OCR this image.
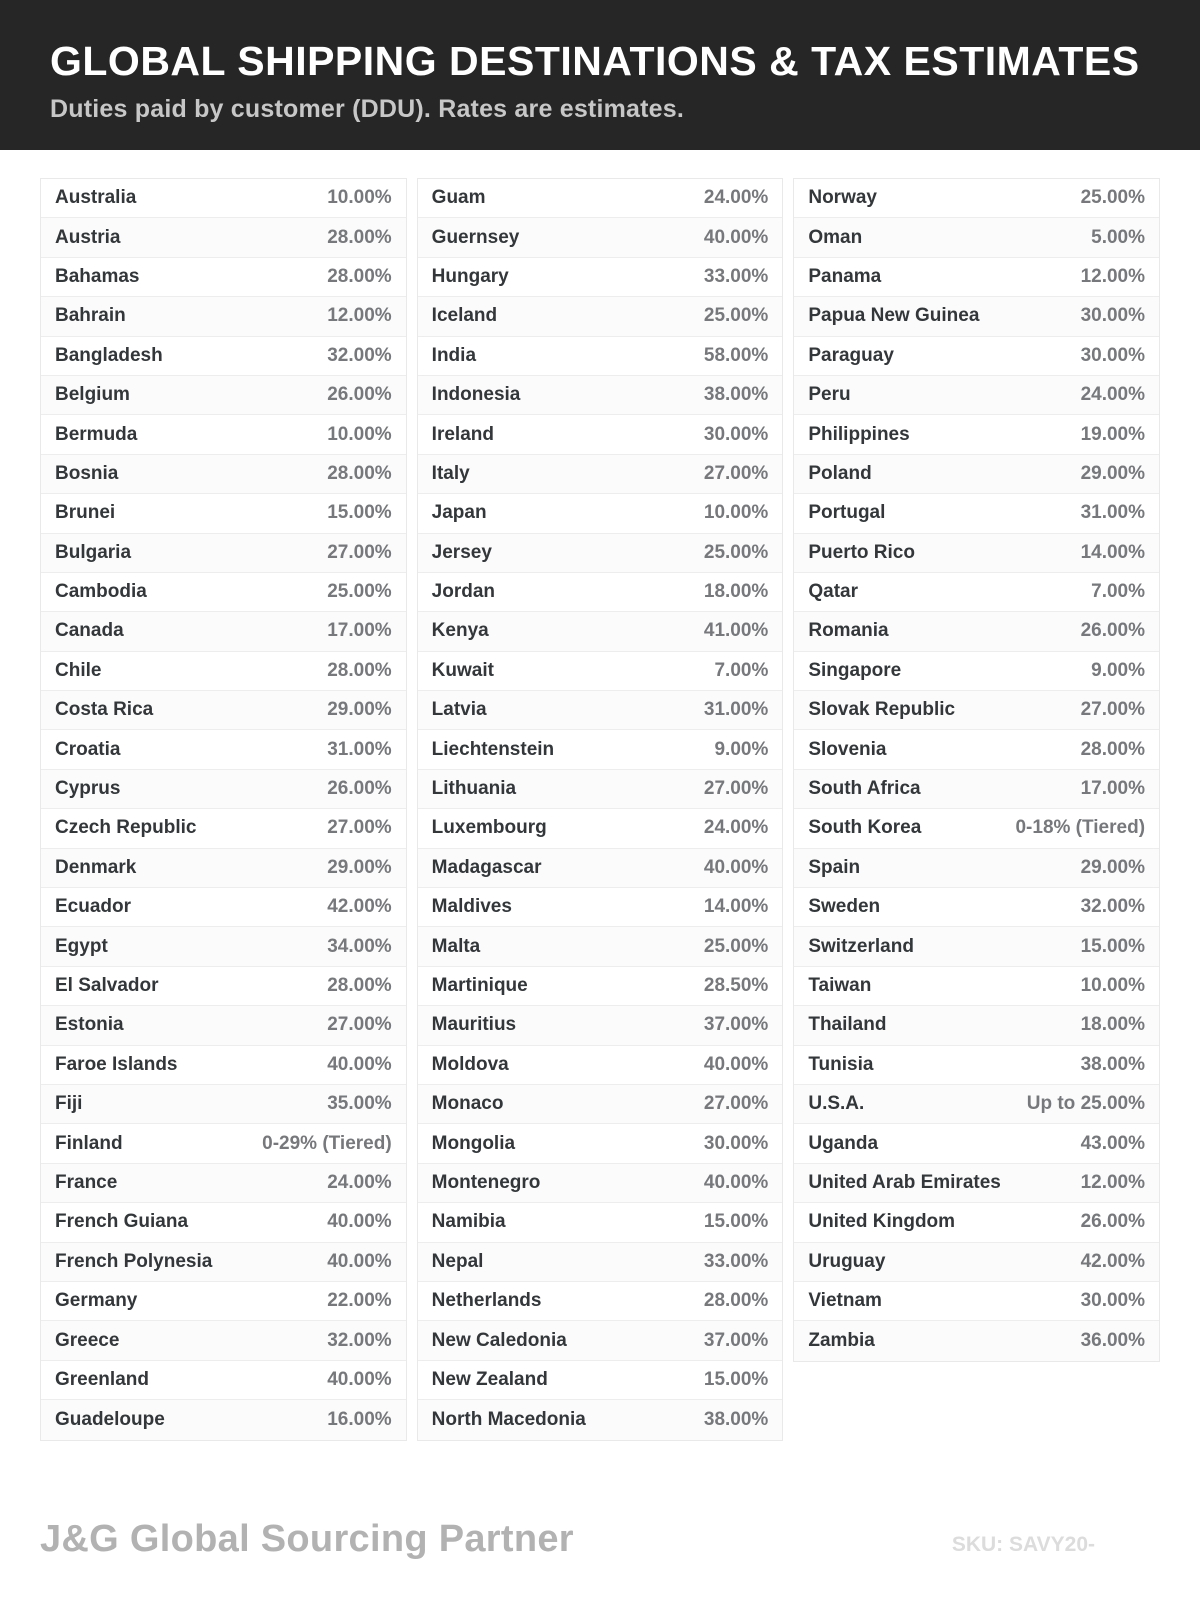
GLOBAL SHIPPING DESTINATIONS & TAX ESTIMATES

Duties paid by customer (DDU). Rates are estimates.

Australia	10.00%
Austria	28.00%
Bahamas	28.00%
Bahrain	12.00%
Bangladesh	32.00%
Belgium	26.00%
Bermuda	10.00%
Bosnia	28.00%
Brunei	15.00%
Bulgaria	27.00%
Cambodia	25.00%
Canada	17.00%
Chile	28.00%
Costa Rica	29.00%
Croatia	31.00%
Cyprus	26.00%
Czech Republic	27.00%
Denmark	29.00%
Ecuador	42.00%
Egypt	34.00%
El Salvador	28.00%
Estonia	27.00%
Faroe Islands	40.00%
Fiji	35.00%
Finland	0-29% (Tiered)
France	24.00%
French Guiana	40.00%
French Polynesia	40.00%
Germany	22.00%
Greece	32.00%
Greenland	40.00%
Guadeloupe	16.00%
Guam	24.00%
Guernsey	40.00%
Hungary	33.00%
Iceland	25.00%
India	58.00%
Indonesia	38.00%
Ireland	30.00%
Italy	27.00%
Japan	10.00%
Jersey	25.00%
Jordan	18.00%
Kenya	41.00%
Kuwait	7.00%
Latvia	31.00%
Liechtenstein	9.00%
Lithuania	27.00%
Luxembourg	24.00%
Madagascar	40.00%
Maldives	14.00%
Malta	25.00%
Martinique	28.50%
Mauritius	37.00%
Moldova	40.00%
Monaco	27.00%
Mongolia	30.00%
Montenegro	40.00%
Namibia	15.00%
Nepal	33.00%
Netherlands	28.00%
New Caledonia	37.00%
New Zealand	15.00%
North Macedonia	38.00%
Norway	25.00%
Oman	5.00%
Panama	12.00%
Papua New Guinea	30.00%
Paraguay	30.00%
Peru	24.00%
Philippines	19.00%
Poland	29.00%
Portugal	31.00%
Puerto Rico	14.00%
Qatar	7.00%
Romania	26.00%
Singapore	9.00%
Slovak Republic	27.00%
Slovenia	28.00%
South Africa	17.00%
South Korea	0-18% (Tiered)
Spain	29.00%
Sweden	32.00%
Switzerland	15.00%
Taiwan	10.00%
Thailand	18.00%
Tunisia	38.00%
U.S.A.	Up to 25.00%
Uganda	43.00%
United Arab Emirates	12.00%
United Kingdom	26.00%
Uruguay	42.00%
Vietnam	30.00%
Zambia	36.00%
J&G Global Sourcing Partner	SKU: SAVY20-
